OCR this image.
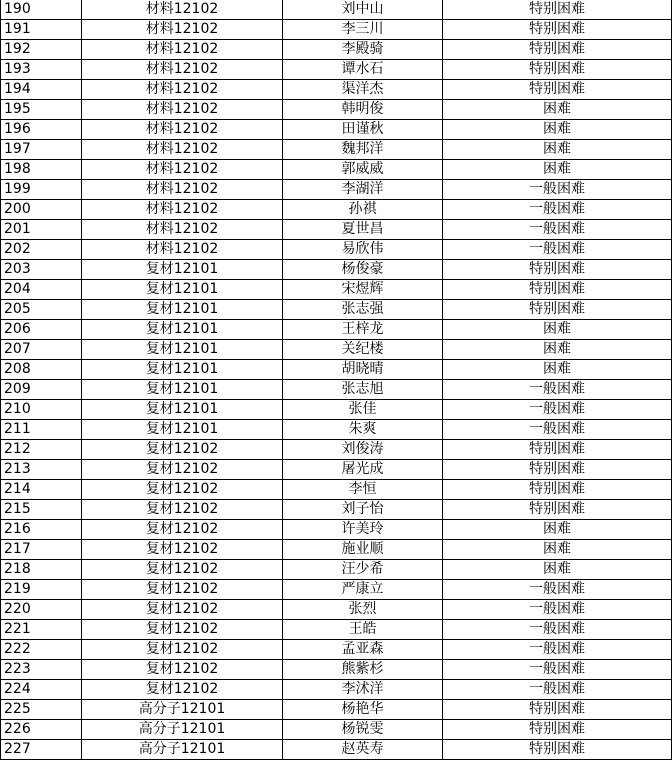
190	材料12102	刘中山	特别困难
191	材料12102	李三川	特别困难
192	材料12102	李殿骑	特别困难
193	材料12102	谭水石	特别困难
194	材料12102	渠洋杰	特别困难
195	材料12102	韩明俊	困难
196	材料12102	田谨秋	困难
197	材料12102	魏邦洋	困难
198	材料12102	郭威威	困难
199	材料12102	李湖洋	一般困难
200	材料12102	孙祺	一般困难
201	材料12102	夏世昌	一般困难
202	材料12102	易欣伟	一般困难
203	复材12101	杨俊豪	特别困难
204	复材12101	宋煜辉	特别困难
205	复材12101	张志强	特别困难
206	复材12101	王梓龙	困难
207	复材12101	关纪楼	困难
208	复材12101	胡晓晴	困难
209	复材12101	张志旭	一般困难
210	复材12101	张佳	一般困难
211	复材12101	朱爽	一般困难
212	复材12102	刘俊涛	特别困难
213	复材12102	屠光成	特别困难
214	复材12102	李恒	特别困难
215	复材12102	刘子怡	特别困难
216	复材12102	许美玲	困难
217	复材12102	施业顺	困难
218	复材12102	汪少希	困难
219	复材12102	严康立	一般困难
220	复材12102	张烈	一般困难
221	复材12102	王皓	一般困难
222	复材12102	孟亚森	一般困难
223	复材12102	熊紫杉	一般困难
224	复材12102	李沭洋	一般困难
225	高分子12101	杨艳华	特别困难
226	高分子12101	杨锐雯	特别困难
227	高分子12101	赵英寿	特别困难
